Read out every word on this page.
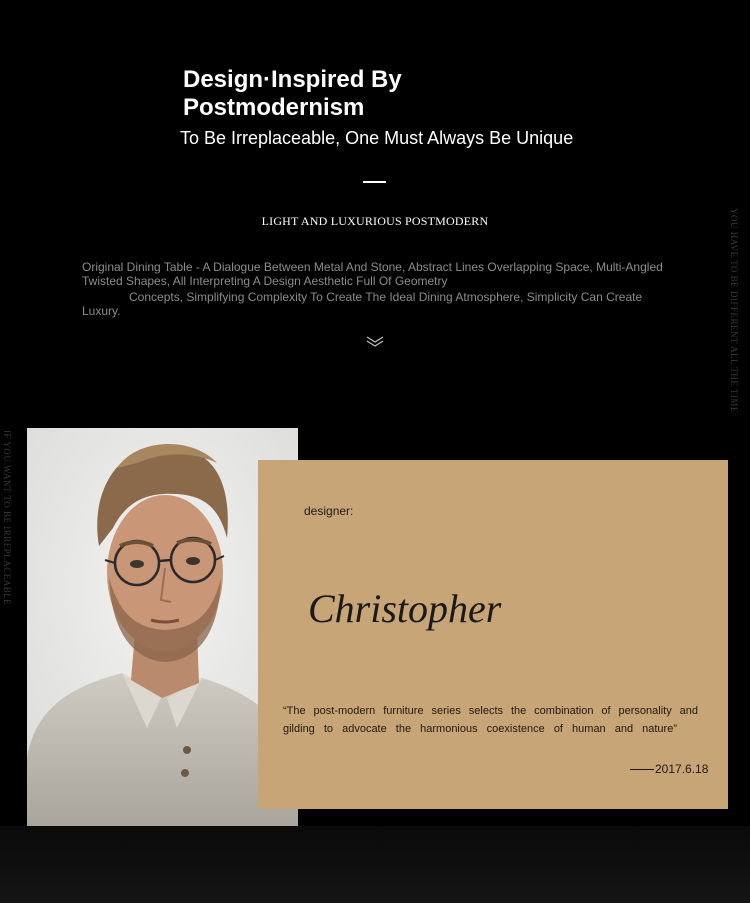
Design·Inspired By
Postmodernism
To Be Irreplaceable, One Must Always Be Unique
LIGHT AND LUXURIOUS POSTMODERN
Original Dining Table - A Dialogue Between Metal And Stone, Abstract Lines Overlapping Space, Multi-Angled
Twisted Shapes, All Interpreting A Design Aesthetic Full Of Geometry
Concepts, Simplifying Complexity To Create The Ideal Dining Atmosphere, Simplicity Can Create Luxury.
IF YOU WANT TO BE IRREPLACEABLE
YOU HAVE TO BE DIFFERENT ALL THE TIME
designer:
Christopher
“The post-modern furniture series selects the combination of personality and
gilding to advocate the harmonious coexistence of human and nature”
2017.6.18
